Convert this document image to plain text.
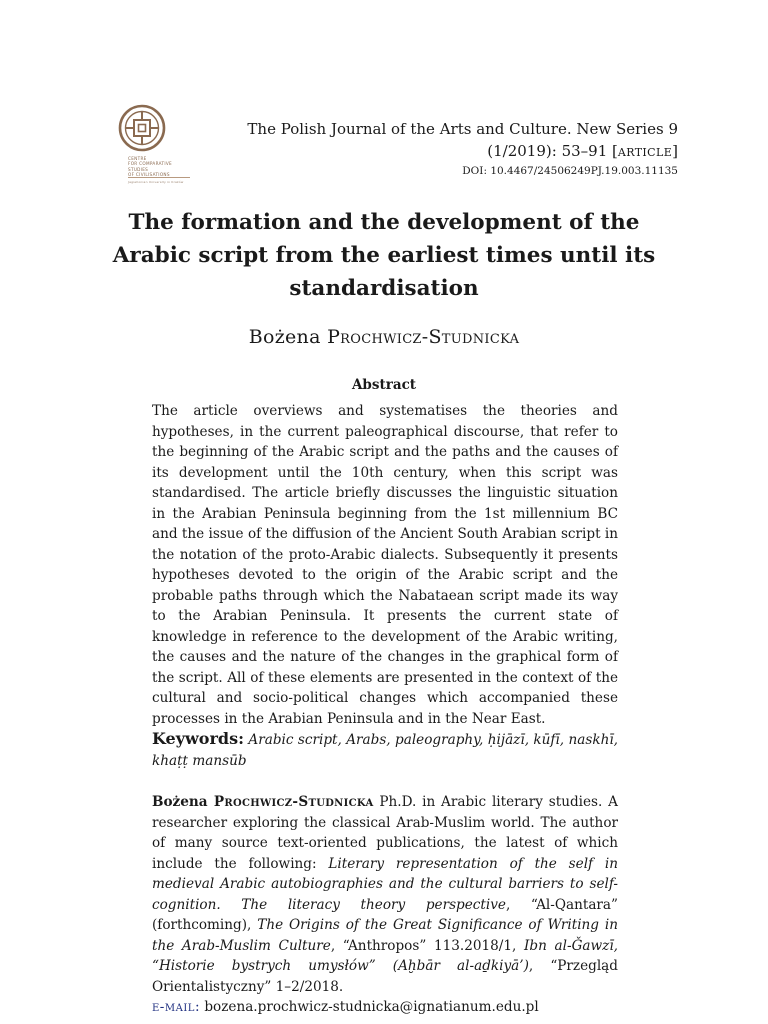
CENTRE
FOR COMPARATIVE
STUDIES
OF CIVILISATIONS
Jagiellonian University in Kraków
The Polish Journal of the Arts and Culture. New Series 9
(1/2019): 53–91 [article]
DOI: 10.4467/24506249PJ.19.003.11135
The formation and the development of the Arabic script from the earliest times until its standardisation
Bożena Prochwicz-Studnicka
Abstract
The article overviews and systematises the theories and hypotheses, in the current paleographical discourse, that refer to the beginning of the Arabic script and the paths and the causes of its development until the 10th century, when this script was standardised. The article briefly discusses the linguistic situation in the Arabian Peninsula beginning from the 1st millennium BC and the issue of the diffusion of the Ancient South Arabian script in the notation of the proto-Arabic dialects. Subsequently it presents hypotheses devoted to the origin of the Arabic script and the probable paths through which the Nabataean script made its way to the Arabian Peninsula. It presents the current state of knowledge in reference to the development of the Arabic writing, the causes and the nature of the changes in the graphical form of the script. All of these elements are presented in the context of the cultural and socio-political changes which accompanied these processes in the Arabian Peninsula and in the Near East.
Keywords: Arabic script, Arabs, paleography, ḥijāzī, kūfī, naskhī, khaṭṭ mansūb
Bożena Prochwicz-Studnicka Ph.D. in Arabic literary studies. A researcher exploring the classical Arab-Muslim world. The author of many source text-oriented publications, the latest of which include the following: Literary representation of the self in medieval Arabic autobiographies and the cultural barriers to self-cognition. The literacy theory perspective, “Al-Qantara” (forthcoming), The Origins of the Great Significance of Writing in the Arab-Muslim Culture, “Anthropos” 113.2018/1, Ibn al-Ǧawzī, “Historie bystrych umysłów” (Aḫbār al-aḏkiyā’), “Przegląd Orientalistyczny” 1–2/2018.
e-mail: bozena.prochwicz-studnicka@ignatianum.edu.pl
